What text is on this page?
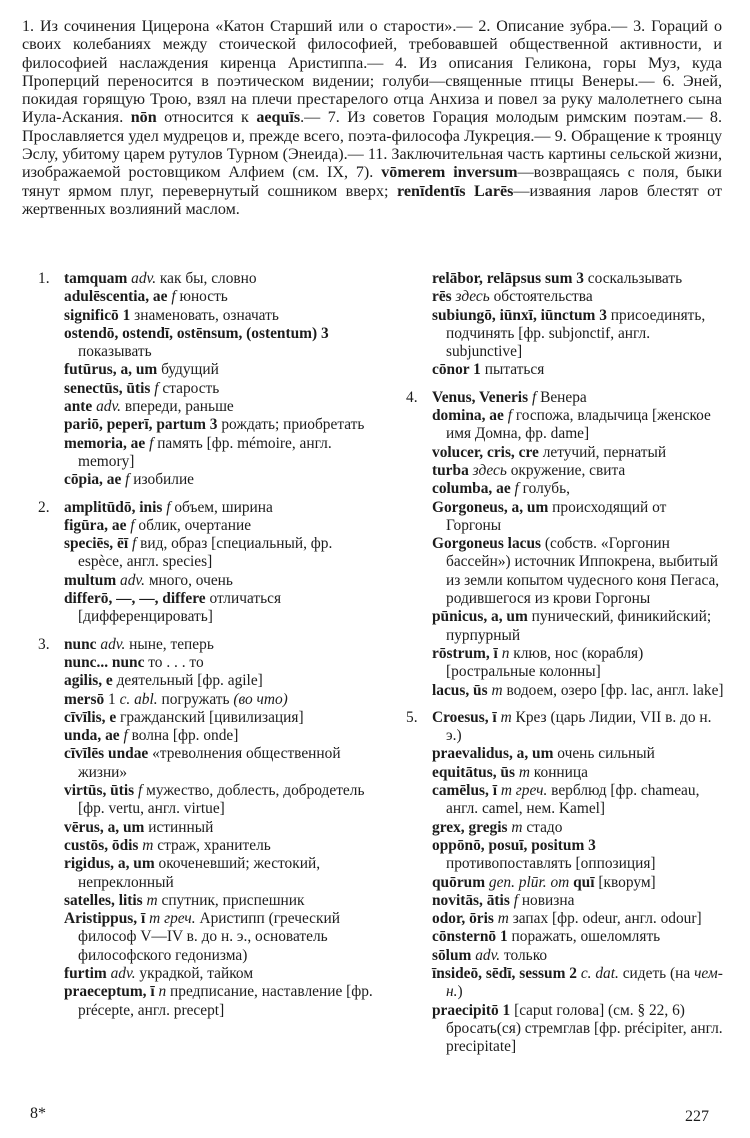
1. Из сочинения Цицерона «Катон Старший или о старости».— 2. Описание зубра.— 3. Гораций о своих колебаниях между стоической философией, требовавшей общественной активности, и философией наслаждения киренца Аристиппа.— 4. Из описания Геликона, горы Муз, куда Проперций переносится в поэтическом видении; голуби—священные птицы Венеры.— 6. Эней, покидая горящую Трою, взял на плечи престарелого отца Анхиза и повел за руку малолетнего сына Иула-Аскания. nōn относится к aequīs.— 7. Из советов Горация молодым римским поэтам.— 8. Прославляется удел мудрецов и, прежде всего, поэта-философа Лукреция.— 9. Обращение к троянцу Эслу, убитому царем рутулов Турном (Энеида).— 11. Заключительная часть картины сельской жизни, изображаемой ростовщиком Алфием (см. IX, 7). vōmerem inversum—возвращаясь с поля, быки тянут ярмом плуг, перевернутый сошником вверх; renīdentīs Larēs—изваяния ларов блестят от жертвенных возлияний маслом.

1. tamquam adv. как бы, словно
adulēscentia, ae f юность
significō 1 знаменовать, означать
ostendō, ostendī, ostēnsum, (ostentum) 3 показывать
futūrus, a, um будущий
senectūs, ūtis f старость
ante adv. впереди, раньше
pariō, peperī, partum 3 рождать; приобретать
memoria, ae f память [фр. mémoire, англ. memory]
cōpia, ae f изобилие
2. amplitūdō, inis f объем, ширина
figūra, ae f облик, очертание
speciēs, ēī f вид, образ [специальный, фр. espèce, англ. species]
multum adv. много, очень
differō, —, —, differe отличаться [дифференцировать]
3. nunc adv. ныне, теперь
nunc... nunc то . . . то
agilis, e деятельный [фр. agile]
mersō 1 c. abl. погружать (во что)
cīvīlis, e гражданский [цивилизация]
unda, ae f волна [фр. onde]
cīvīlēs undae «треволнения общественной жизни»
virtūs, ūtis f мужество, доблесть, добродетель [фр. vertu, англ. virtue]
vērus, a, um истинный
custōs, ōdis m страж, хранитель
rigidus, a, um окоченевший; жестокий, непреклонный
satelles, litis m спутник, приспешник
Aristippus, ī m греч. Аристипп (греческий философ V—IV в. до н. э., основатель философского гедонизма)
furtim adv. украдкой, тайком
praeceptum, ī n предписание, наставление [фр. précepte, англ. precept]
relābor, relāpsus sum 3 соскальзывать
rēs здесь обстоятельства
subiungō, iūnxī, iūnctum 3 присоединять, подчинять [фр. subjonctif, англ. subjunctive]
cōnor 1 пытаться
4. Venus, Veneris f Венера
domina, ae f госпожа, владычица [женское имя Домна, фр. dame]
volucer, cris, cre летучий, пернатый
turba здесь окружение, свита
columba, ae f голубь,
Gorgoneus, a, um происходящий от Горгоны
Gorgoneus lacus (собств. «Горгонин бассейн») источник Иппокрена, выбитый из земли копытом чудесного коня Пегаса, родившегося из крови Горгоны
pūnicus, a, um пунический, финикийский; пурпурный
rōstrum, ī n клюв, нос (корабля) [ростральные колонны]
lacus, ūs m водоем, озеро [фр. lac, англ. lake]
5. Croesus, ī m Крез (царь Лидии, VII в. до н. э.)
praevalidus, a, um очень сильный
equitātus, ūs m конница
camēlus, ī m греч. верблюд [фр. chameau, англ. camel, нем. Kamel]
grex, gregis m стадо
oppōnō, posuī, positum 3 противопоставлять [оппозиция]
quōrum gen. plūr. om quī [кворум]
novitās, ātis f новизна
odor, ōris m запах [фр. odeur, англ. odour]
cōnsternō 1 поражать, ошеломлять
sōlum adv. только
īnsideō, sēdī, sessum 2 c. dat. сидеть (на чем-н.)
praecipitō 1 [caput голова] (см. § 22, 6) бросать(ся) стремглав [фр. précipiter, англ. precipitate]
8*	227
